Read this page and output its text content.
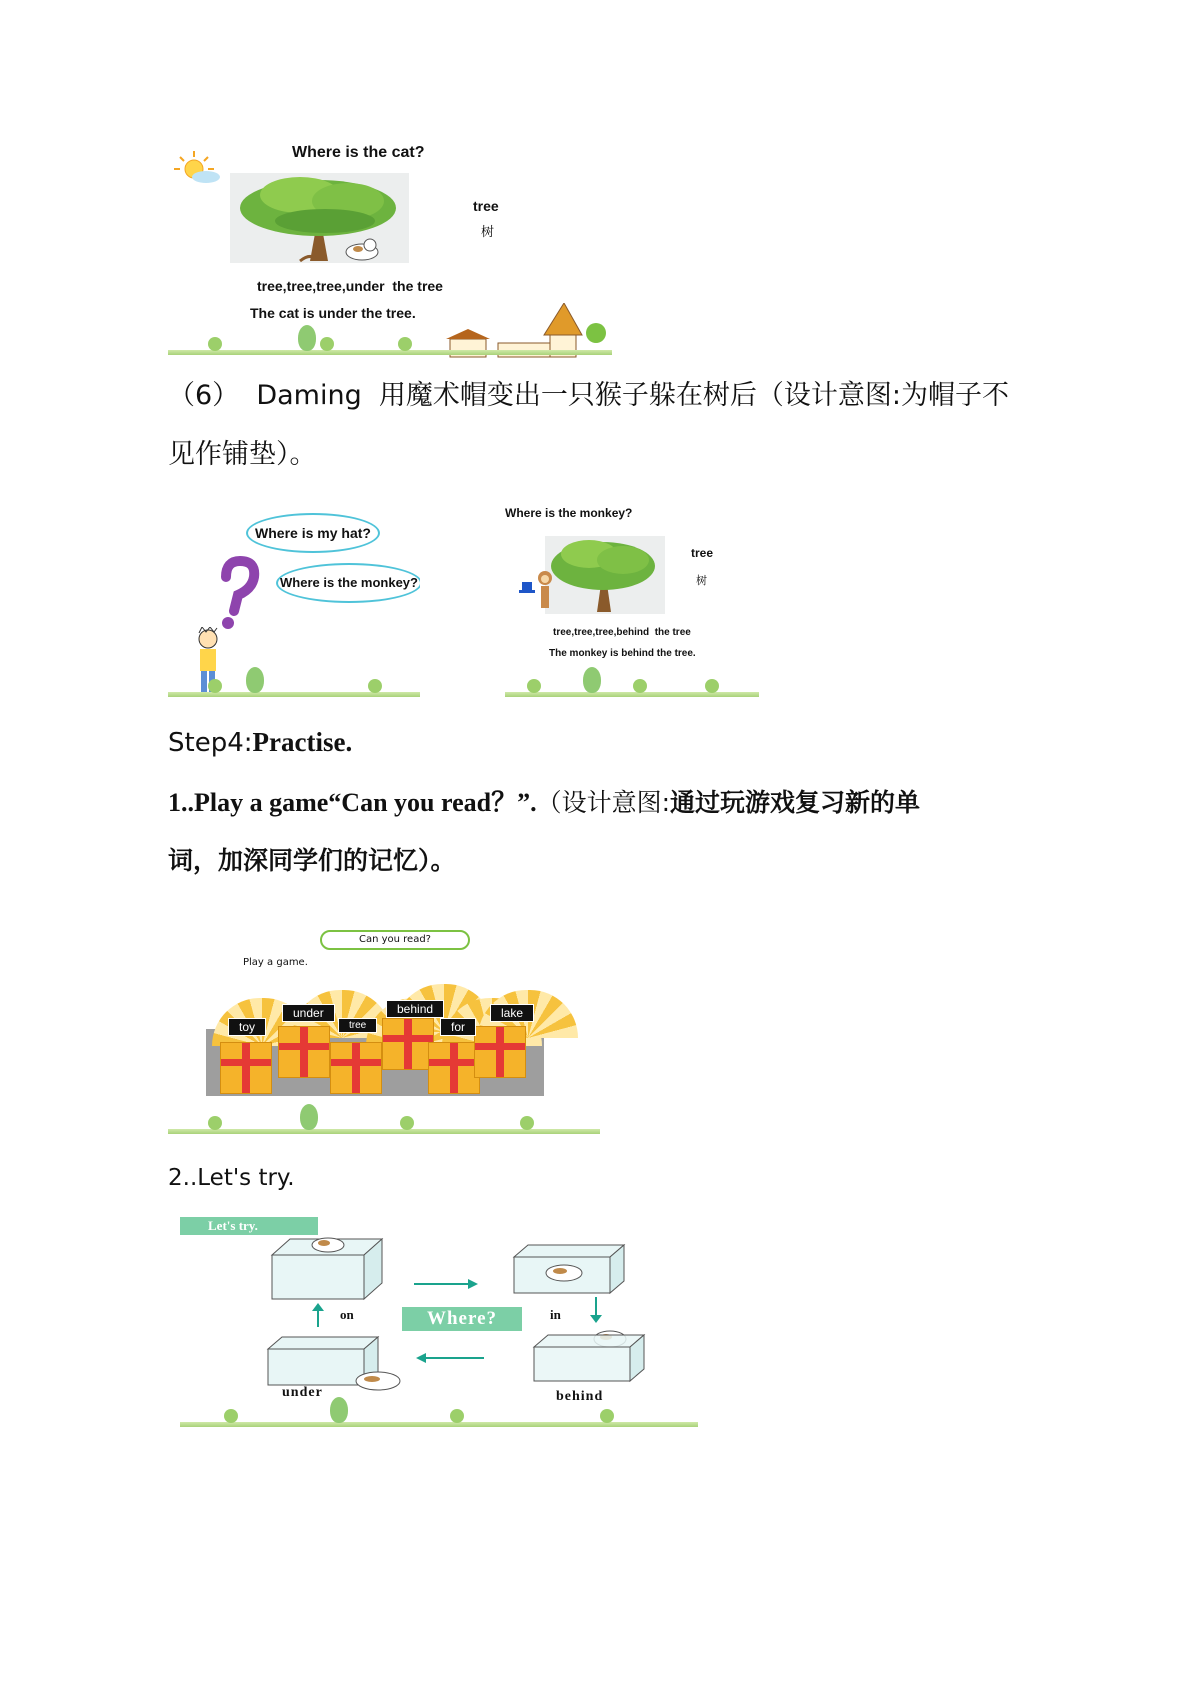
Where is the cat?
tree
树
tree,tree,tree,under  the tree
The cat is under the tree.
（6）  Daming  用魔术帽变出一只猴子躲在树后（设计意图:为帽子不
见作铺垫）。
Where is my hat?
Where is the monkey?
Where is the monkey?
tree
树
tree,tree,tree,behind  the tree
The monkey is behind the tree.
Step4:Practise.
1..Play a game“Can you read？”.（设计意图:通过玩游戏复习新的单
词，加深同学们的记忆）。
Can you read?
Play a game.
toy
under
tree
behind
for
lake
2..Let's try.
Let's try.
on	Where?	in
under	behind
